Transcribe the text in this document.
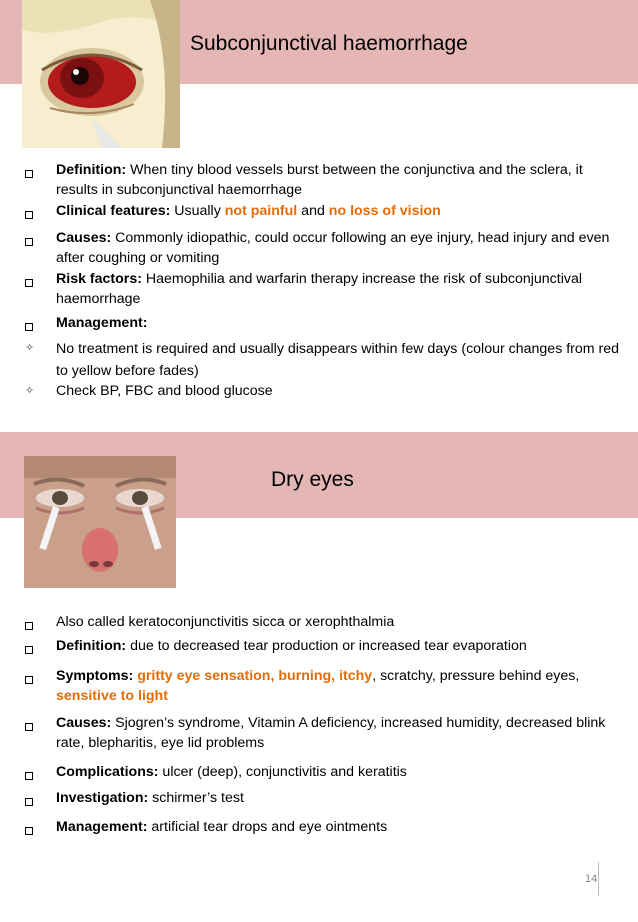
Subconjunctival haemorrhage
Definition: When tiny blood vessels burst between the conjunctiva and the sclera, it results in subconjunctival haemorrhage
Clinical features: Usually not painful and no loss of vision
Causes: Commonly idiopathic, could occur following an eye injury, head injury and even after coughing or vomiting
Risk factors: Haemophilia and warfarin therapy increase the risk of subconjunctival haemorrhage
Management:
✧ No treatment is required and usually disappears within few days (colour changes from red to yellow before fades)
✧ Check BP, FBC and blood glucose
Dry eyes
Also called keratoconjunctivitis sicca or xerophthalmia
Definition: due to decreased tear production or increased tear evaporation
Symptoms: gritty eye sensation, burning, itchy, scratchy, pressure behind eyes, sensitive to light
Causes: Sjogren’s syndrome, Vitamin A deficiency, increased humidity, decreased blink rate, blepharitis, eye lid problems
Complications: ulcer (deep), conjunctivitis and keratitis
Investigation: schirmer’s test
Management: artificial tear drops and eye ointments
14
